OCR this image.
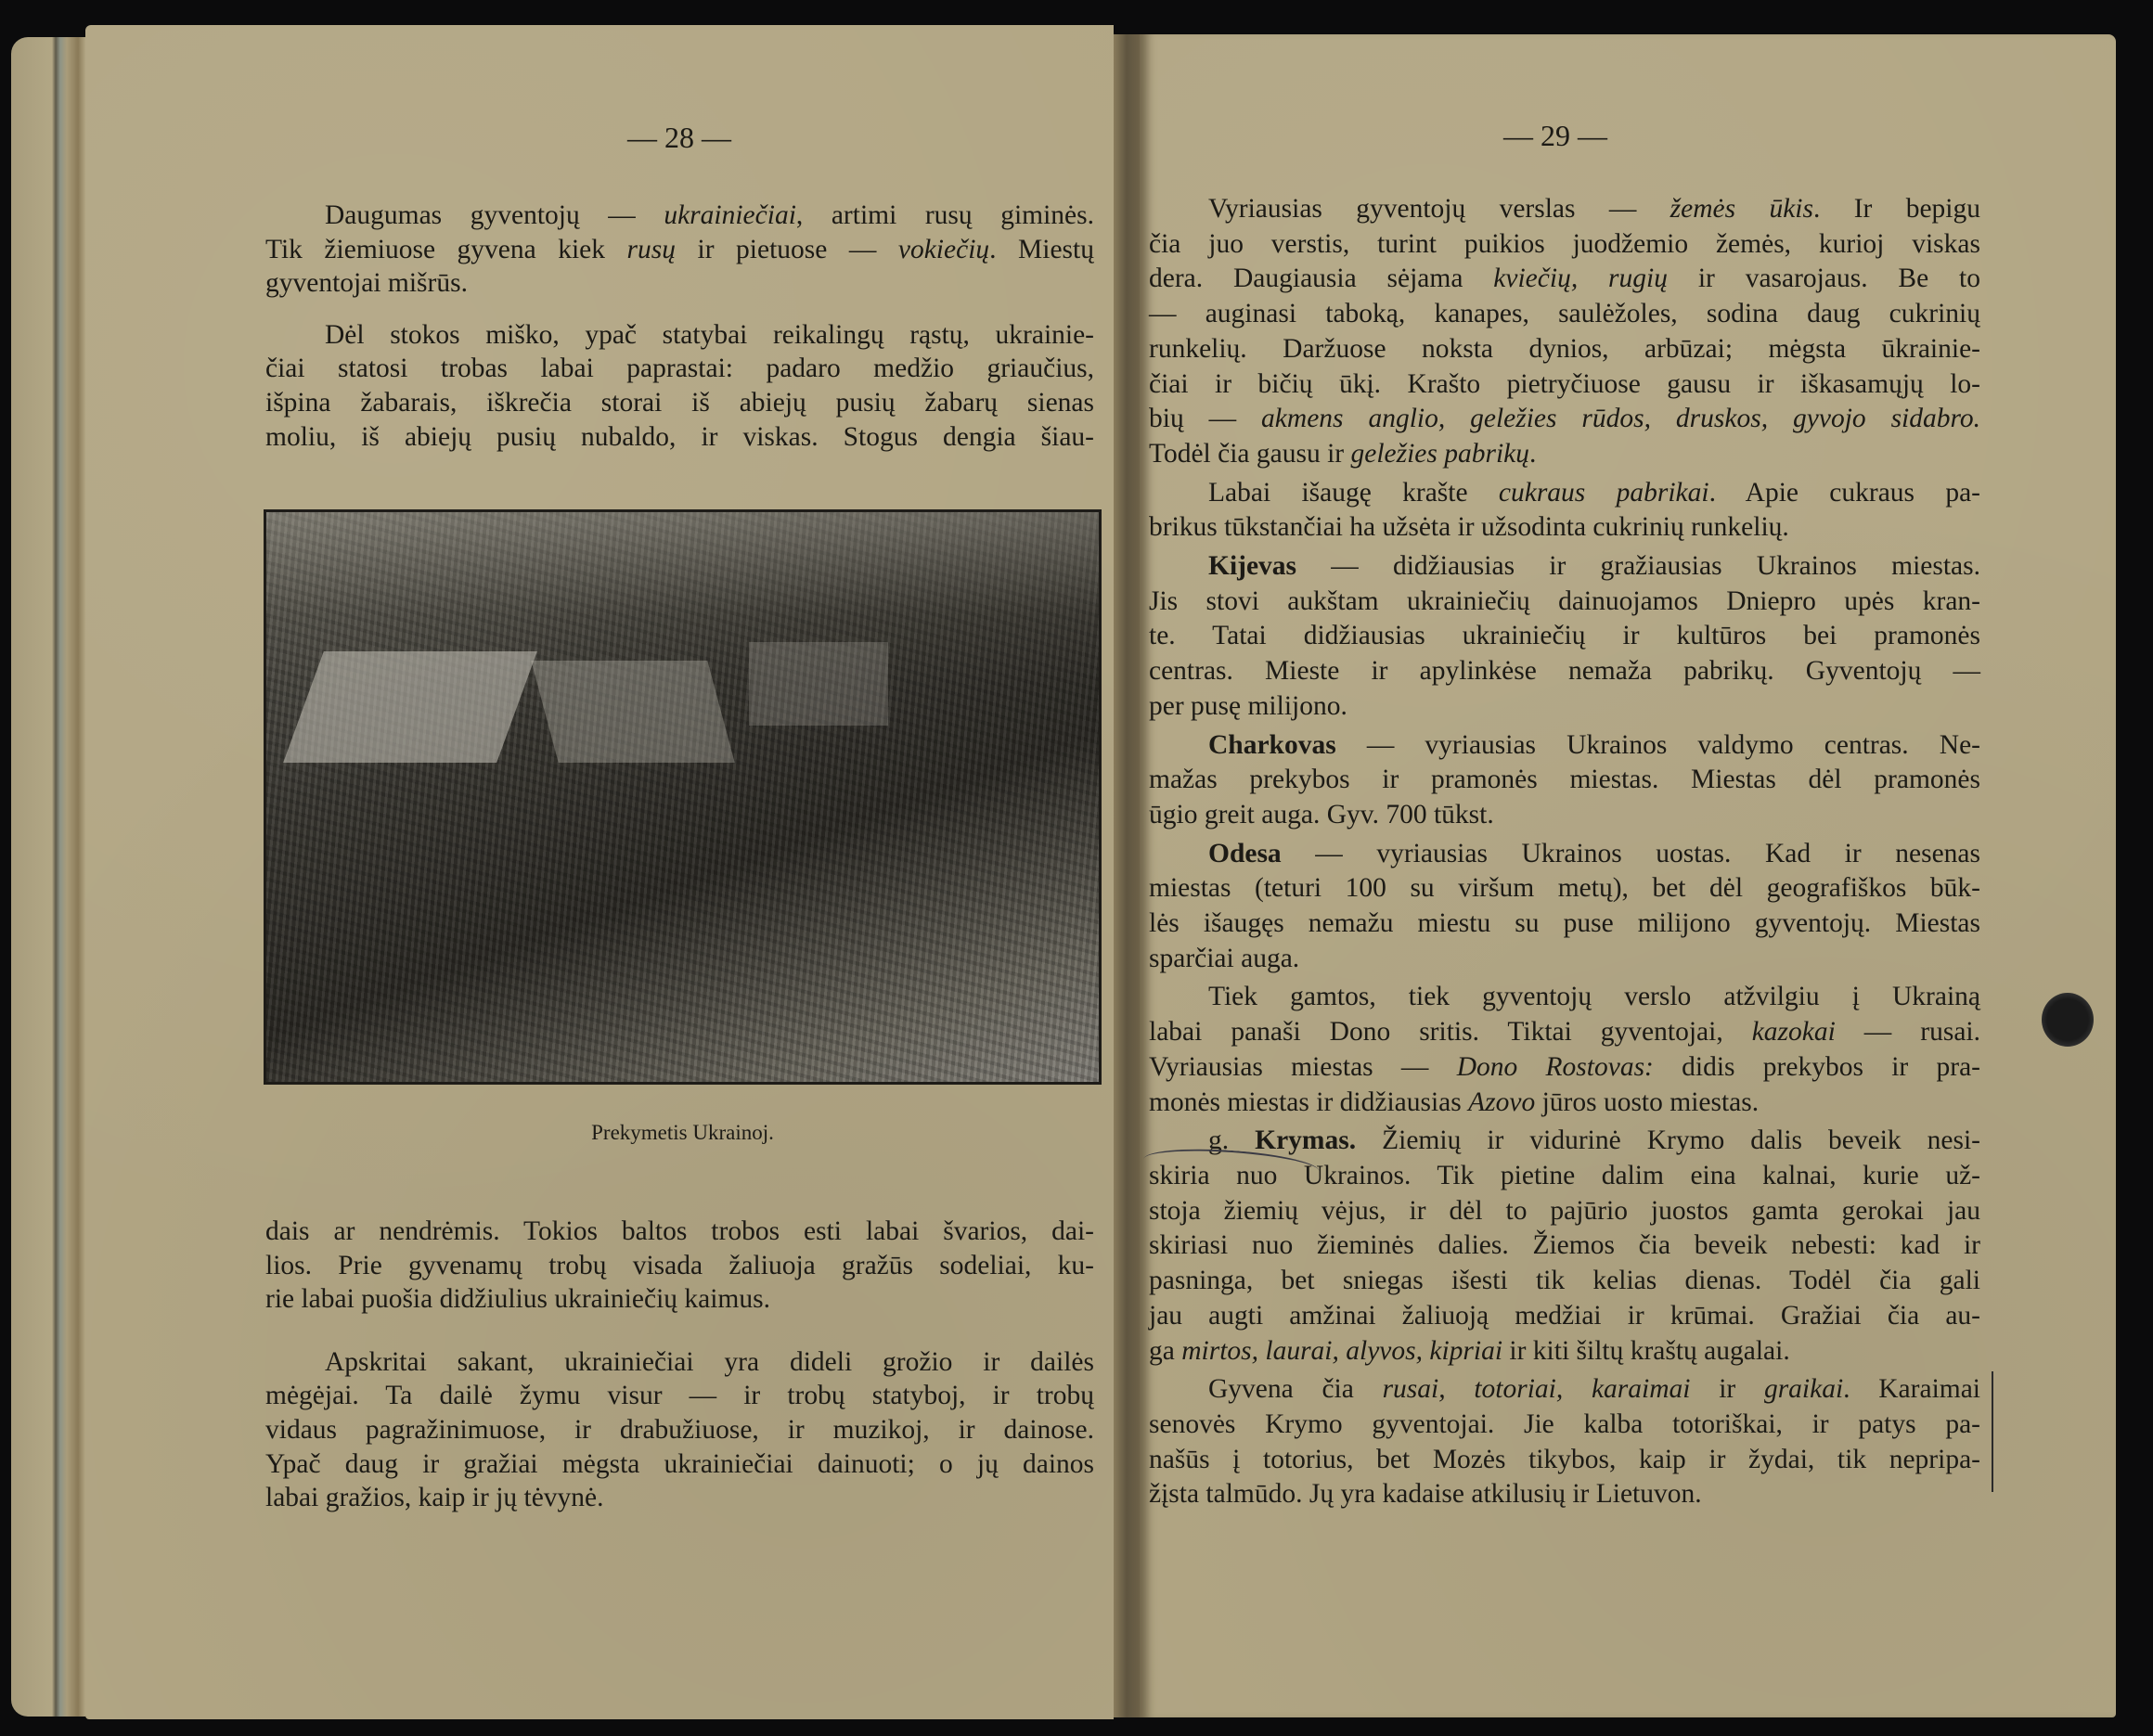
— 28 —	— 29 —
Daugumas gyventojų — ukrainiečiai, artimi rusų giminės.
Tik žiemiuose gyvena kiek rusų ir pietuose — vokiečių. Miestų
gyventojai mišrūs.
Dėl stokos miško, ypač statybai reikalingų rąstų, ukrainie-
čiai statosi trobas labai paprastai: padaro medžio griaučius,
išpina žabarais, iškrečia storai iš abiejų pusių žabarų sienas
moliu, iš abiejų pusių nubaldo, ir viskas. Stogus dengia šiau-
Prekymetis Ukrainoj.
dais ar nendrėmis. Tokios baltos trobos esti labai švarios, dai-
lios. Prie gyvenamų trobų visada žaliuoja gražūs sodeliai, ku-
rie labai puošia didžiulius ukrainiečių kaimus.
Apskritai sakant, ukrainiečiai yra dideli grožio ir dailės
mėgėjai. Ta dailė žymu visur — ir trobų statyboj, ir trobų
vidaus pagražinimuose, ir drabužiuose, ir muzikoj, ir dainose.
Ypač daug ir gražiai mėgsta ukrainiečiai dainuoti; o jų dainos
labai gražios, kaip ir jų tėvynė.
Vyriausias gyventojų verslas — žemės ūkis. Ir bepigu
čia juo verstis, turint puikios juodžemio žemės, kurioj viskas
dera. Daugiausia sėjama kviečių, rugių ir vasarojaus. Be to
— auginasi taboką, kanapes, saulėžoles, sodina daug cukrinių
runkelių. Daržuose noksta dynios, arbūzai; mėgsta ūkrainie-
čiai ir bičių ūkį. Krašto pietryčiuose gausu ir iškasamųjų lo-
bių — akmens anglio, geležies rūdos, druskos, gyvojo sidabro.
Todėl čia gausu ir geležies pabrikų.
Labai išaugę krašte cukraus pabrikai. Apie cukraus pa-
brikus tūkstančiai ha užsėta ir užsodinta cukrinių runkelių.
Kijevas — didžiausias ir gražiausias Ukrainos miestas.
Jis stovi aukštam ukrainiečių dainuojamos Dniepro upės kran-
te. Tatai didžiausias ukrainiečių ir kultūros bei pramonės
centras. Mieste ir apylinkėse nemaža pabrikų. Gyventojų —
per pusę milijono.
Charkovas — vyriausias Ukrainos valdymo centras. Ne-
mažas prekybos ir pramonės miestas. Miestas dėl pramonės
ūgio greit auga. Gyv. 700 tūkst.
Odesa — vyriausias Ukrainos uostas. Kad ir nesenas
miestas (teturi 100 su viršum metų), bet dėl geografiškos būk-
lės išaugęs nemažu miestu su puse milijono gyventojų. Miestas
sparčiai auga.
Tiek gamtos, tiek gyventojų verslo atžvilgiu į Ukrainą
labai panaši Dono sritis. Tiktai gyventojai, kazokai — rusai.
Vyriausias miestas — Dono Rostovas: didis prekybos ir pra-
monės miestas ir didžiausias Azovo jūros uosto miestas.
g. Krymas. Žiemių ir vidurinė Krymo dalis beveik nesi-
skiria nuo Ukrainos. Tik pietine dalim eina kalnai, kurie už-
stoja žiemių vėjus, ir dėl to pajūrio juostos gamta gerokai jau
skiriasi nuo žieminės dalies. Žiemos čia beveik nebesti: kad ir
pasninga, bet sniegas išesti tik kelias dienas. Todėl čia gali
jau augti amžinai žaliuoją medžiai ir krūmai. Gražiai čia au-
ga mirtos, laurai, alyvos, kipriai ir kiti šiltų kraštų augalai.
Gyvena čia rusai, totoriai, karaimai ir graikai. Karaimai
senovės Krymo gyventojai. Jie kalba totoriškai, ir patys pa-
našūs į totorius, bet Mozės tikybos, kaip ir žydai, tik nepripa-
žįsta talmūdo. Jų yra kadaise atkilusių ir Lietuvon.
